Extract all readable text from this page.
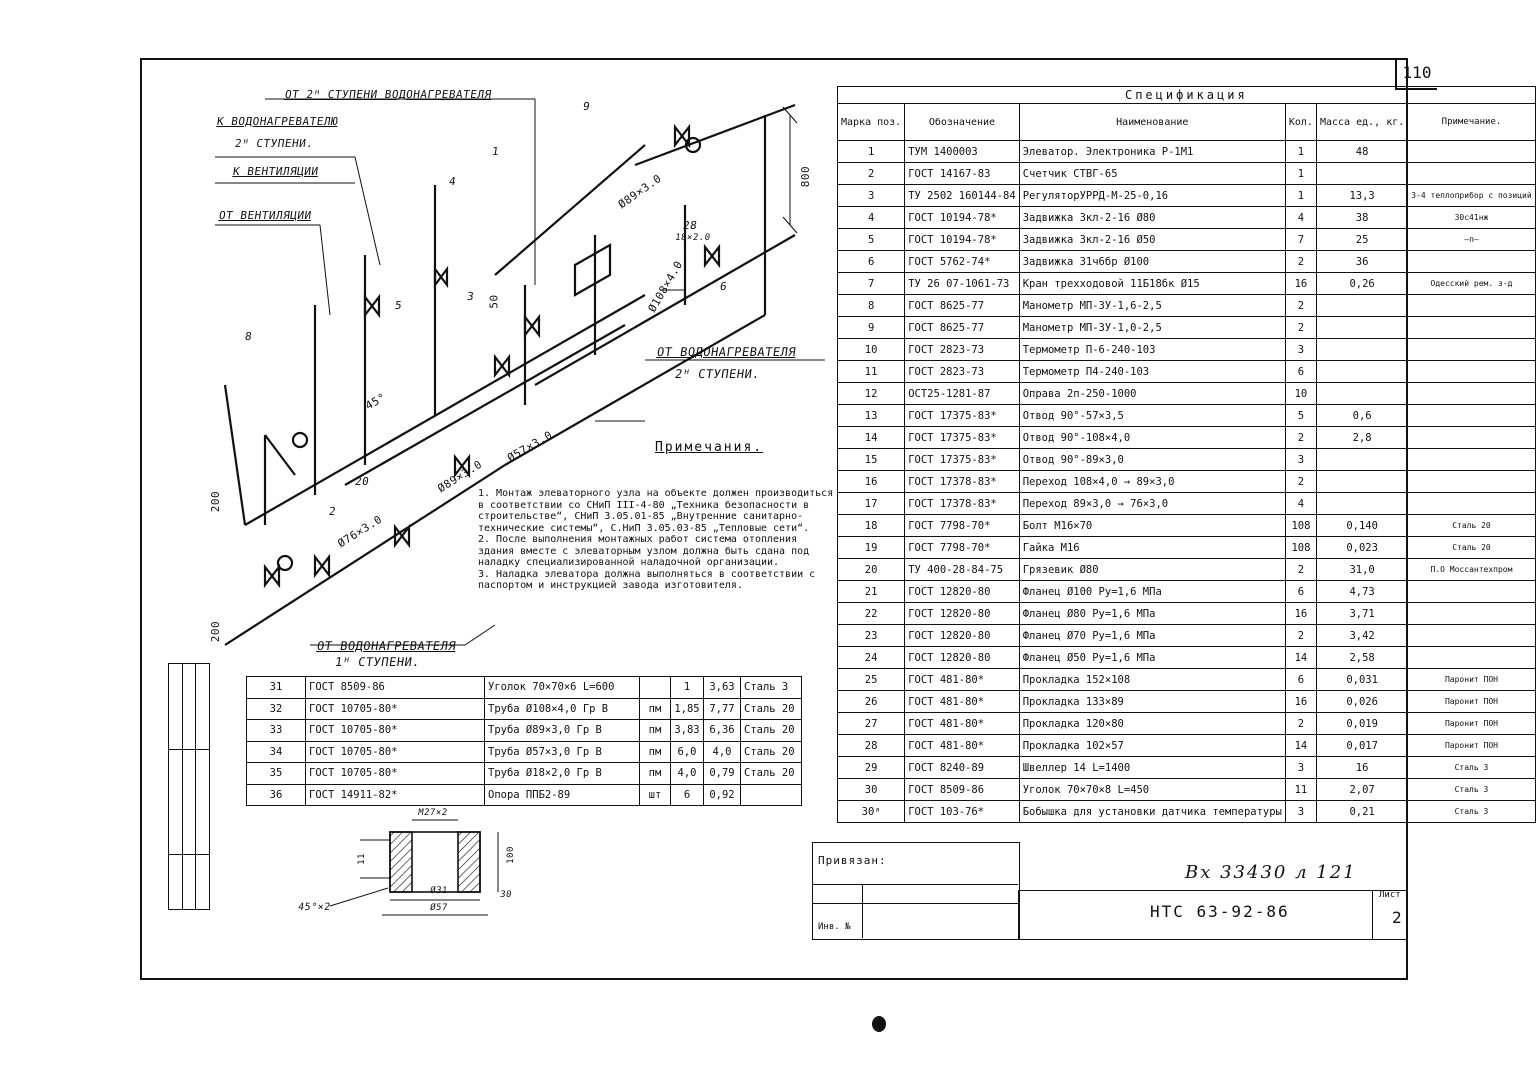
110
ОТ 2ᴴ СТУПЕНИ ВОДОНАГРЕВАТЕЛЯ
К ВОДОНАГРЕВАТЕЛЮ
2ᴴ СТУПЕНИ.
К ВЕНТИЛЯЦИИ
ОТ ВЕНТИЛЯЦИИ
ОТ ВОДОНАГРЕВАТЕЛЯ
2ᴴ СТУПЕНИ.
ОТ ВОДОНАГРЕВАТЕЛЯ
1ᴴ СТУПЕНИ.
800
200
200
50
Ø89×3.0
Ø57×3.0
Ø108×4.0
Ø76×3.0
Ø89×3.0
45°
28
18×2.0
1
2
3
4
5
6
8
9
20
Примечания.
1. Монтаж элеваторного узла на объекте должен производиться в соответствии со СНиП III-4-80 „Техника безопасности в строительстве“, СНиП 3.05.01-85 „Внутренние санитарно-технические системы“, С.НиП 3.05.03-85 „Тепловые сети“.
2. После выполнения монтажных работ система отопления здания вместе с элеваторным узлом должна быть сдана под наладку специализированной наладочной организации.
3. Наладка элеватора должна выполняться в соответствии с паспортом и инструкцией завода изготовителя.
Спецификация					
Марка поз.	Обозначение	Наименование	Кол.	Масса ед., кг.	Примечание.
1	ТУМ 1400003	Элеватор. Электроника Р-1М1	1	48	
2	ГОСТ 14167-83	Счетчик СТВГ-65	1		
3	ТУ 2502 160144-84	РегуляторУРРД-М-25-0,16	1	13,3	3-4 теплоприбор с позиций
4	ГОСТ 10194-78*	Задвижка 3кл-2-16 Ø80	4	38	30с41нж
5	ГОСТ 10194-78*	Задвижка 3кл-2-16 Ø50	7	25	—п—
6	ГОСТ 5762-74*	Задвижка 31ч6бр Ø100	2	36	
7	ТУ 26 07-1061-73	Кран трехходовой 11Б18бк Ø15	16	0,26	Одесский рем. з-д
8	ГОСТ 8625-77	Манометр МП-3У-1,6-2,5	2		
9	ГОСТ 8625-77	Манометр МП-3У-1,0-2,5	2		
10	ГОСТ 2823-73	Термометр П-6-240-103	3		
11	ГОСТ 2823-73	Термометр П4-240-103	6		
12	ОСТ25-1281-87	Оправа 2п-250-1000	10		
13	ГОСТ 17375-83*	Отвод 90°-57×3,5	5	0,6	
14	ГОСТ 17375-83*	Отвод 90°-108×4,0	2	2,8	
15	ГОСТ 17375-83*	Отвод 90°-89×3,0	3		
16	ГОСТ 17378-83*	Переход 108×4,0 → 89×3,0	2		
17	ГОСТ 17378-83*	Переход 89×3,0 → 76×3,0	4		
18	ГОСТ 7798-70*	Болт М16×70	108	0,140	Сталь 20
19	ГОСТ 7798-70*	Гайка М16	108	0,023	Сталь 20
20	ТУ 400-28-84-75	Грязевик Ø80	2	31,0	П.О Моссантехпром
21	ГОСТ 12820-80	Фланец Ø100 Ру=1,6 МПа	6	4,73	
22	ГОСТ 12820-80	Фланец Ø80 Ру=1,6 МПа	16	3,71	
23	ГОСТ 12820-80	Фланец Ø70 Ру=1,6 МПа	2	3,42	
24	ГОСТ 12820-80	Фланец Ø50 Ру=1,6 МПа	14	2,58	
25	ГОСТ 481-80*	Прокладка 152×108	6	0,031	Паронит ПОН
26	ГОСТ 481-80*	Прокладка 133×89	16	0,026	Паронит ПОН
27	ГОСТ 481-80*	Прокладка 120×80	2	0,019	Паронит ПОН
28	ГОСТ 481-80*	Прокладка 102×57	14	0,017	Паронит ПОН
29	ГОСТ 8240-89	Швеллер 14 L=1400	3	16	Сталь 3
30	ГОСТ 8509-86	Уголок 70×70×8 L=450	11	2,07	Сталь 3
30ᵃ	ГОСТ 103-76*	Бобышка для установки датчика температуры	3	0,21	Сталь 3
31	ГОСТ 8509-86	Уголок 70×70×6 L=600		1	3,63	Сталь 3
32	ГОСТ 10705-80*	Труба Ø108×4,0 Гр В	пм	1,85	7,77	Сталь 20
33	ГОСТ 10705-80*	Труба Ø89×3,0 Гр В	пм	3,83	6,36	Сталь 20
34	ГОСТ 10705-80*	Труба Ø57×3,0 Гр В	пм	6,0	4,0	Сталь 20
35	ГОСТ 10705-80*	Труба Ø18×2,0 Гр В	пм	4,0	0,79	Сталь 20
36	ГОСТ 14911-82*	Опора ППБ2-89	шт	6	0,92	
M27×2
Ø31
Ø57
30
100
45°×2
11	Привязан:
Инв. №
НТС 63-92-86
Вх 33430 л 121
Лист
2
